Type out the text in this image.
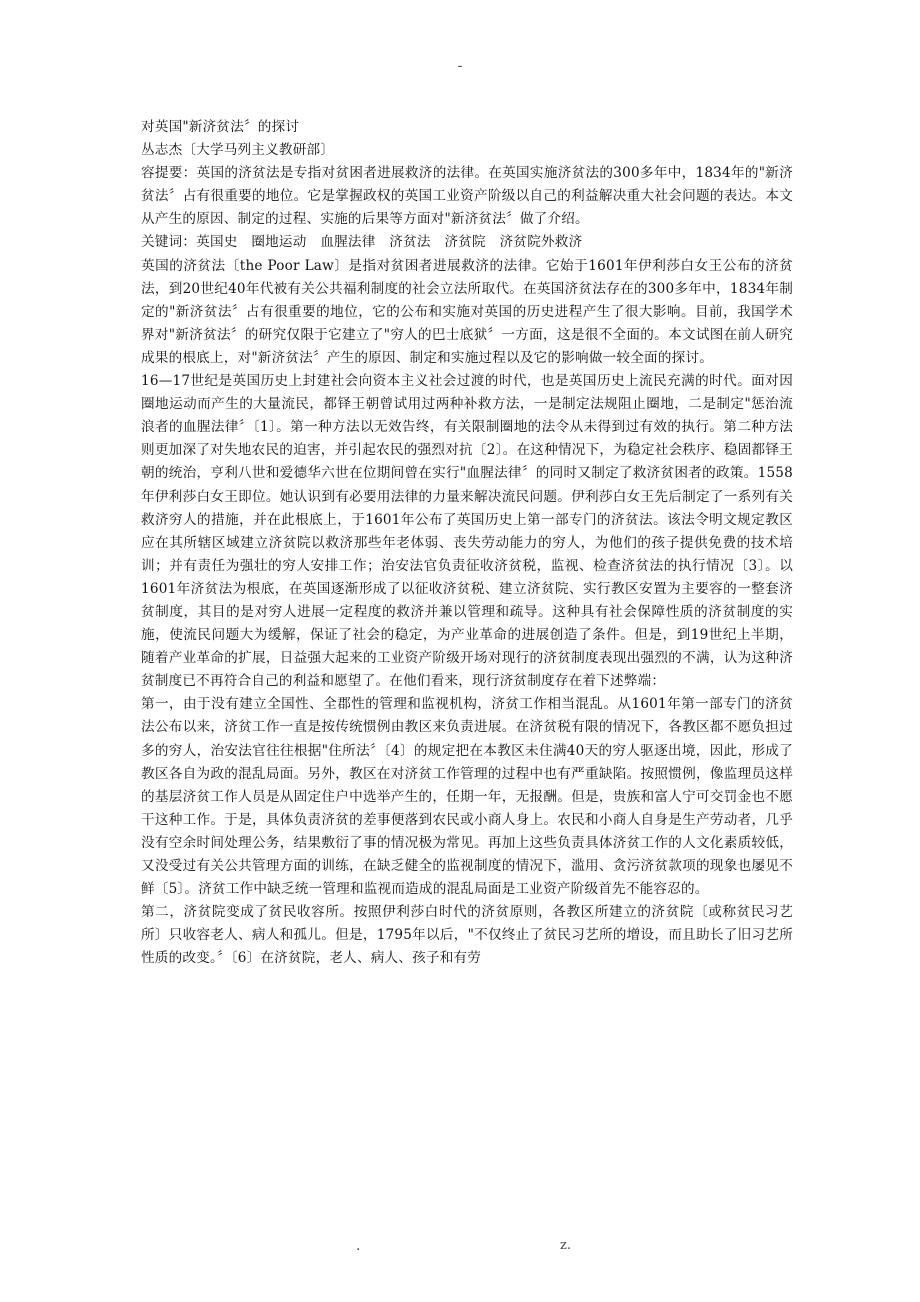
-

对英国"新济贫法〞的探讨

丛志杰〔大学马列主义教研部〕

容提要：英国的济贫法是专指对贫困者进展救济的法律。在英国实施济贫法的300多年中，1834年的"新济贫法〞占有很重要的地位。它是掌握政权的英国工业资产阶级以自己的利益解决重大社会问题的表达。本文从产生的原因、制定的过程、实施的后果等方面对"新济贫法〞做了介绍。

关键词：英国史　圈地运动　血腥法律　济贫法　济贫院　济贫院外救济

英国的济贫法〔the Poor Law〕是指对贫困者进展救济的法律。它始于1601年伊利莎白女王公布的济贫法，到20世纪40年代被有关公共福利制度的社会立法所取代。在英国济贫法存在的300多年中，1834年制定的"新济贫法〞占有很重要的地位，它的公布和实施对英国的历史进程产生了很大影响。目前，我国学术界对"新济贫法〞的研究仅限于它建立了"穷人的巴士底狱〞一方面，这是很不全面的。本文试图在前人研究成果的根底上，对"新济贫法〞产生的原因、制定和实施过程以及它的影响做一较全面的探讨。

16—17世纪是英国历史上封建社会向资本主义社会过渡的时代，也是英国历史上流民充满的时代。面对因圈地运动而产生的大量流民，都铎王朝曾试用过两种补救方法，一是制定法规阻止圈地，二是制定"惩治流浪者的血腥法律〞〔1〕。第一种方法以无效告终，有关限制圈地的法令从未得到过有效的执行。第二种方法则更加深了对失地农民的迫害，并引起农民的强烈对抗〔2〕。在这种情况下，为稳定社会秩序、稳固都铎王朝的统治，亨利八世和爱德华六世在位期间曾在实行"血腥法律〞的同时又制定了救济贫困者的政策。1558年伊利莎白女王即位。她认识到有必要用法律的力量来解决流民问题。伊利莎白女王先后制定了一系列有关救济穷人的措施，并在此根底上，于1601年公布了英国历史上第一部专门的济贫法。该法令明文规定教区应在其所辖区域建立济贫院以救济那些年老体弱、丧失劳动能力的穷人，为他们的孩子提供免费的技术培训；并有责任为强壮的穷人安排工作；治安法官负责征收济贫税，监视、检查济贫法的执行情况〔3〕。以1601年济贫法为根底，在英国逐渐形成了以征收济贫税、建立济贫院、实行教区安置为主要容的一整套济贫制度，其目的是对穷人进展一定程度的救济并兼以管理和疏导。这种具有社会保障性质的济贫制度的实施，使流民问题大为缓解，保证了社会的稳定，为产业革命的进展创造了条件。但是，到19世纪上半期，随着产业革命的扩展，日益强大起来的工业资产阶级开场对现行的济贫制度表现出强烈的不满，认为这种济贫制度已不再符合自己的利益和愿望了。在他们看来，现行济贫制度存在着下述弊端：

第一，由于没有建立全国性、全郡性的管理和监视机构，济贫工作相当混乱。从1601年第一部专门的济贫法公布以来，济贫工作一直是按传统惯例由教区来负责进展。在济贫税有限的情况下，各教区都不愿负担过多的穷人，治安法官往往根据"住所法〞〔4〕的规定把在本教区未住满40天的穷人驱逐出境，因此，形成了教区各自为政的混乱局面。另外，教区在对济贫工作管理的过程中也有严重缺陷。按照惯例，像监理员这样的基层济贫工作人员是从固定住户中选举产生的，任期一年，无报酬。但是，贵族和富人宁可交罚金也不愿干这种工作。于是，具体负责济贫的差事便落到农民或小商人身上。农民和小商人自身是生产劳动者，几乎没有空余时间处理公务，结果敷衍了事的情况极为常见。再加上这些负责具体济贫工作的人文化素质较低，又没受过有关公共管理方面的训练，在缺乏健全的监视制度的情况下，滥用、贪污济贫款项的现象也屡见不鲜〔5〕。济贫工作中缺乏统一管理和监视而造成的混乱局面是工业资产阶级首先不能容忍的。

第二，济贫院变成了贫民收容所。按照伊利莎白时代的济贫原则，各教区所建立的济贫院〔或称贫民习艺所〕只收容老人、病人和孤儿。但是，1795年以后，"不仅终止了贫民习艺所的增设，而且助长了旧习艺所性质的改变。〞〔6〕在济贫院，老人、病人、孩子和有劳

.	z.
